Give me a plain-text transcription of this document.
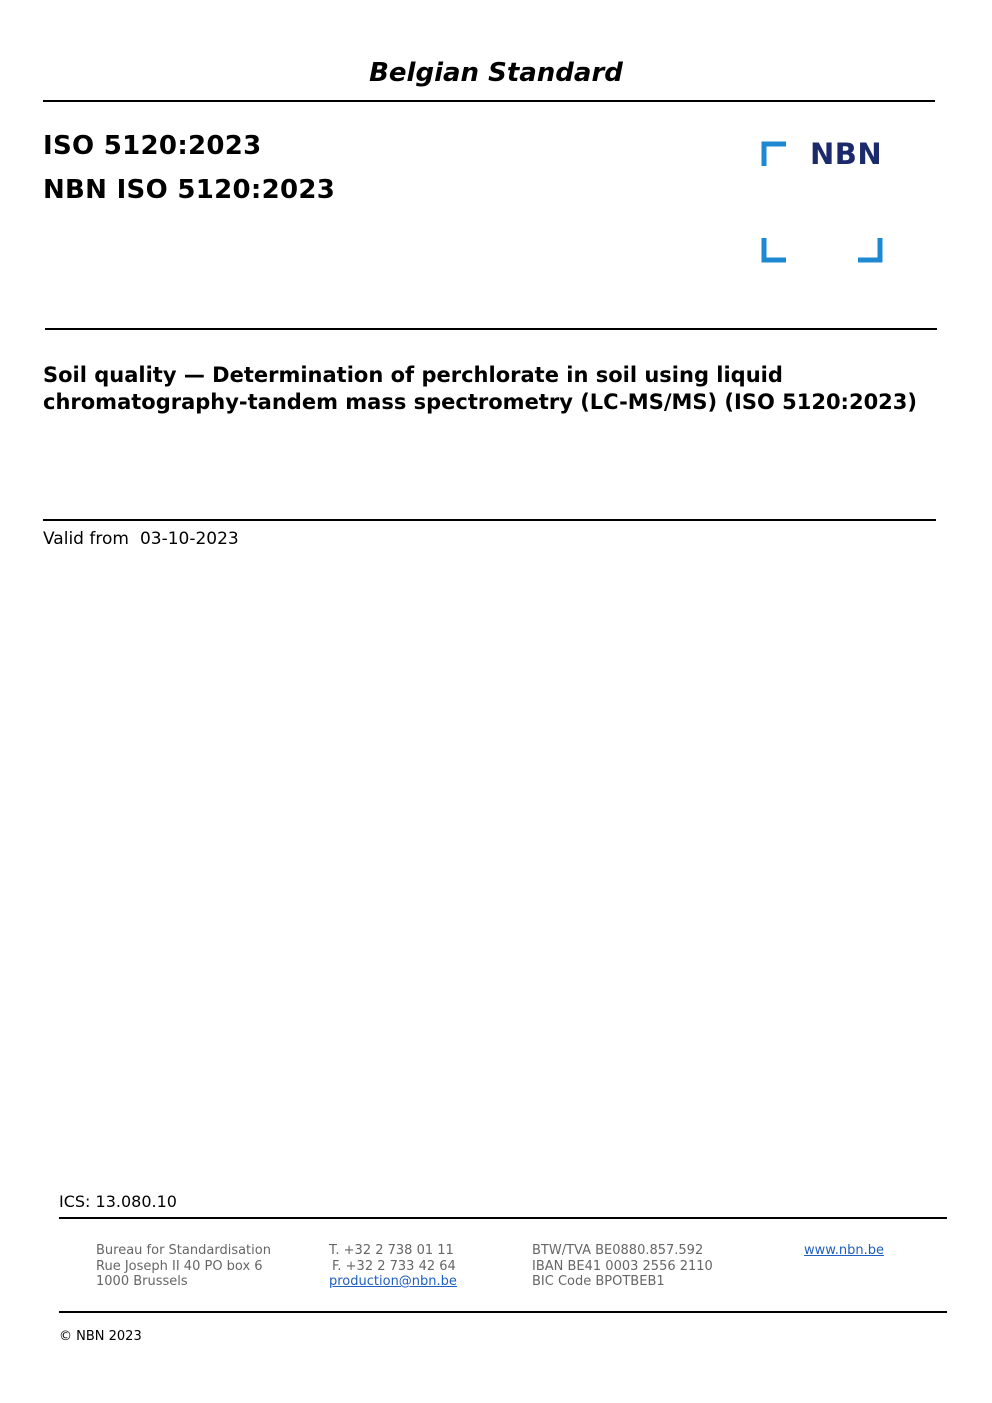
Belgian Standard
ISO 5120:2023
NBN ISO 5120:2023
NBN
Soil quality — Determination of perchlorate in soil using liquid chromatography-tandem mass spectrometry (LC-MS/MS) (ISO 5120:2023)
Valid from 03-10-2023
ICS: 13.080.10
Bureau for Standardisation
Rue Joseph II 40 PO box 6
1000 Brussels
T. +32 2 738 01 11
F. +32 2 733 42 64
production@nbn.be
BTW/TVA BE0880.857.592
IBAN BE41 0003 2556 2110
BIC Code BPOTBEB1
www.nbn.be
© NBN 2023
